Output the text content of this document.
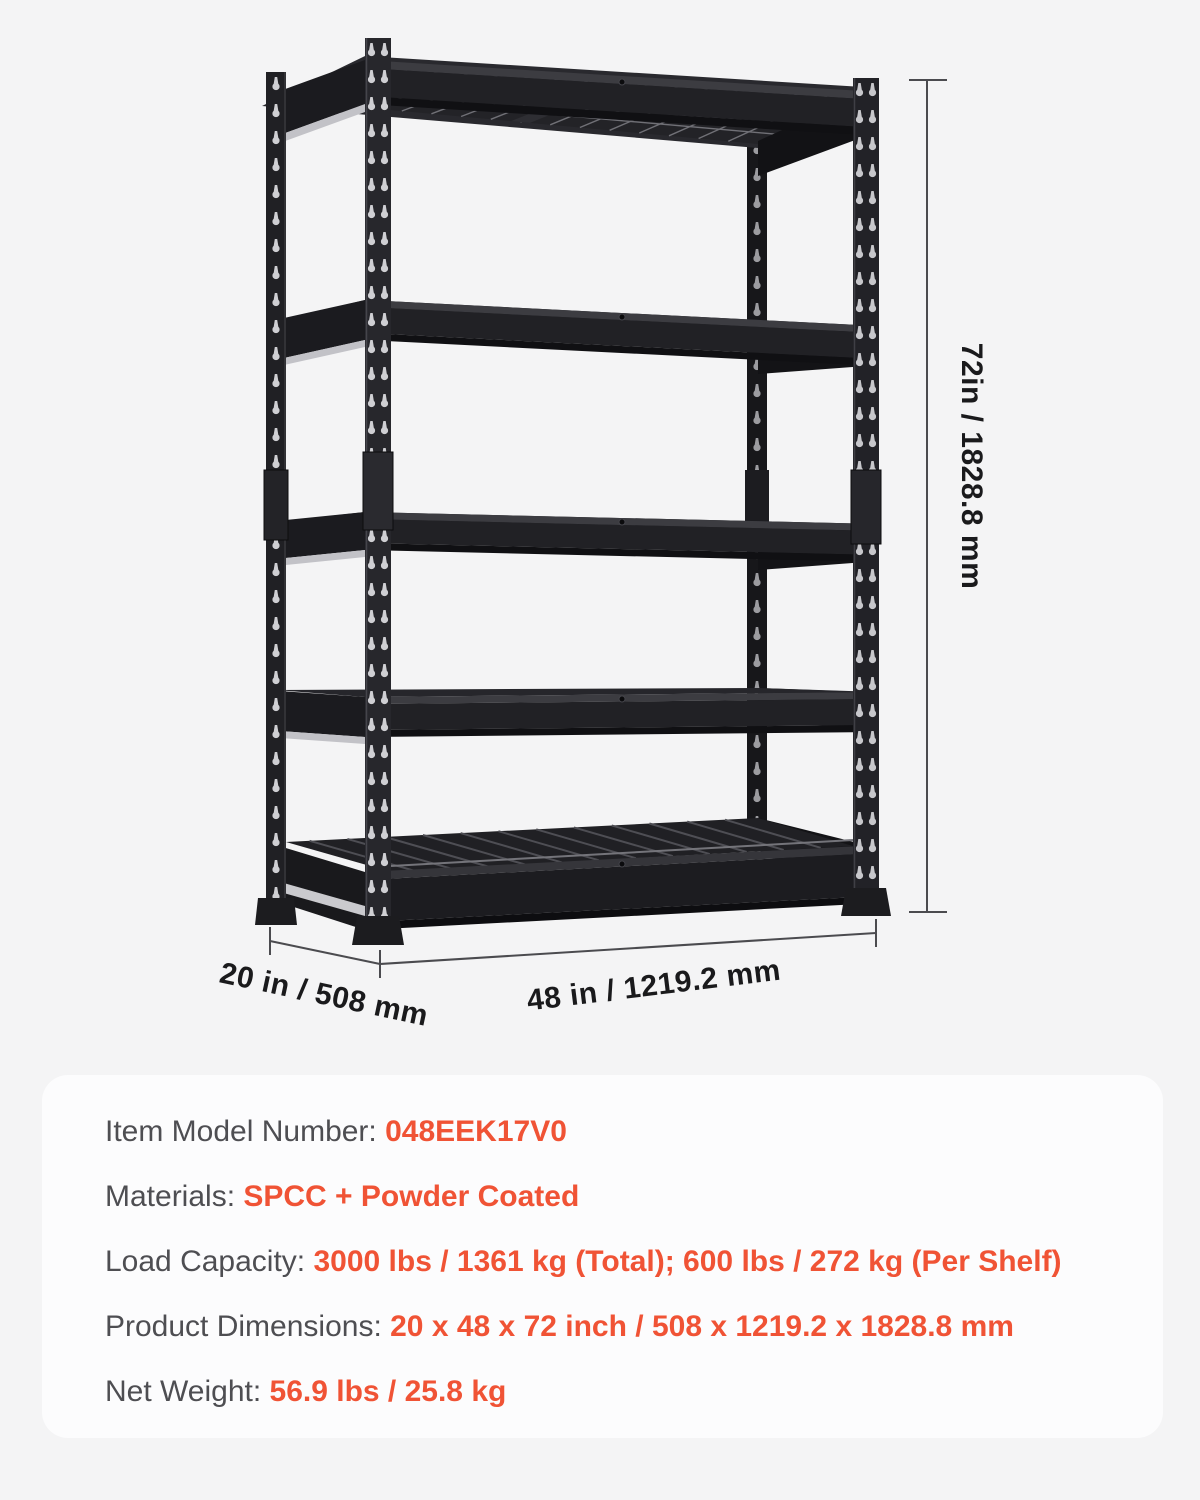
72in / 1828.8 mm
20 in / 508 mm	48 in / 1219.2 mm
Item Model Number: 048EEK17V0
Materials: SPCC + Powder Coated
Load Capacity: 3000 lbs / 1361 kg (Total); 600 lbs / 272 kg (Per Shelf)
Product Dimensions: 20 x 48 x 72 inch / 508 x 1219.2 x 1828.8 mm
Net Weight: 56.9 lbs / 25.8 kg
